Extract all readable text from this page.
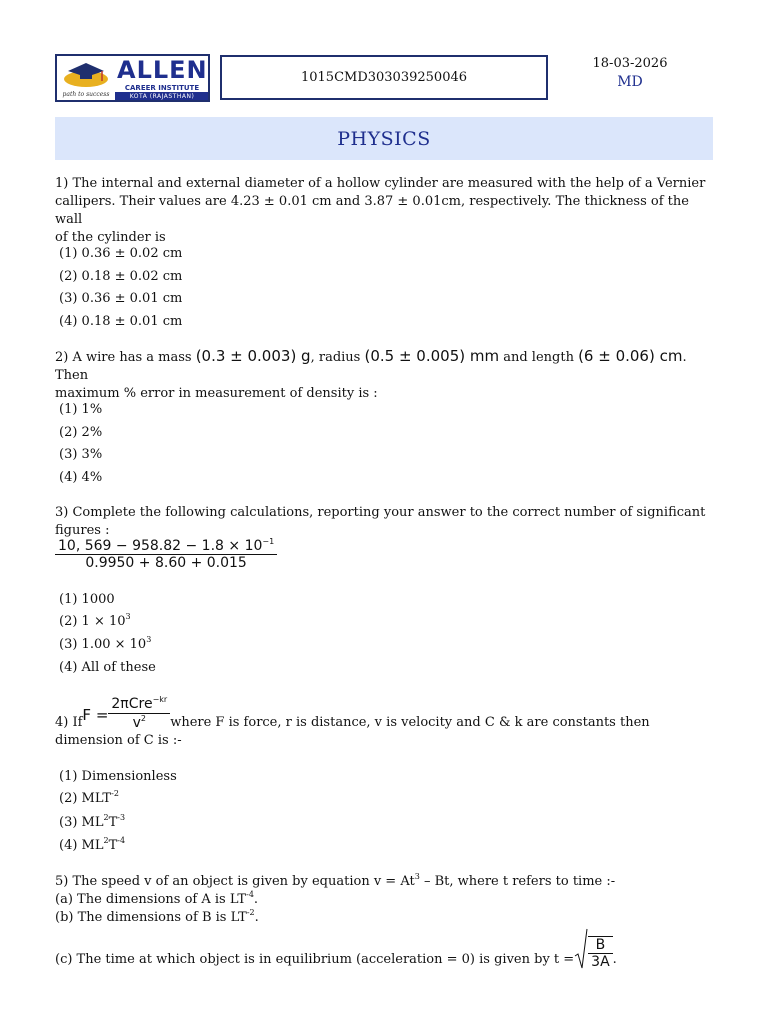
path to success
ALLEN
CAREER INSTITUTE
KOTA (RAJASTHAN)
1015CMD303039250046
18-03-2026
MD
PHYSICS
1) The internal and external diameter of a hollow cylinder are measured with the help of a Vernier
callipers. Their values are 4.23 ± 0.01 cm and 3.87 ± 0.01cm, respectively. The thickness of the wall
of the cylinder is
(1) 0.36 ± 0.02 cm
(2) 0.18 ± 0.02 cm
(3) 0.36 ± 0.01 cm
(4) 0.18 ± 0.01 cm
2) A wire has a mass (0.3 ± 0.003) g, radius (0.5 ± 0.005) mm and length (6 ± 0.06) cm. Then
maximum % error in measurement of density is :
(1) 1%
(2) 2%
(3) 3%
(4) 4%
3) Complete the following calculations, reporting your answer to the correct number of significant
figures :
$\frac{10, 569 - 958.82 - 1.8 \times 10^{-1}}{0.9950 + 8.60 + 0.015}$
(1) 1000
(2) $1 \times 10^3$
(3) $1.00 \times 10^3$
(4) All of these
4) If $F = \frac{2\pi Cre^{-kr}}{v^2}$ where F is force, r is distance, v is velocity and C & k are constants then
dimension of C is :-
(1) Dimensionless
(2) $MLT^{-2}$
(3) $ML^2T^{-3}$
(4) $ML^2T^{-4}$
5) The speed v of an object is given by equation $v = At^3 - Bt$, where t refers to time :-
(a) The dimensions of A is $LT^{-4}$.
(b) The dimensions of B is $LT^{-2}$.
(c) The time at which object is in equilibrium (acceleration = 0) is given by $t = \frac{B}{3A}$ .
